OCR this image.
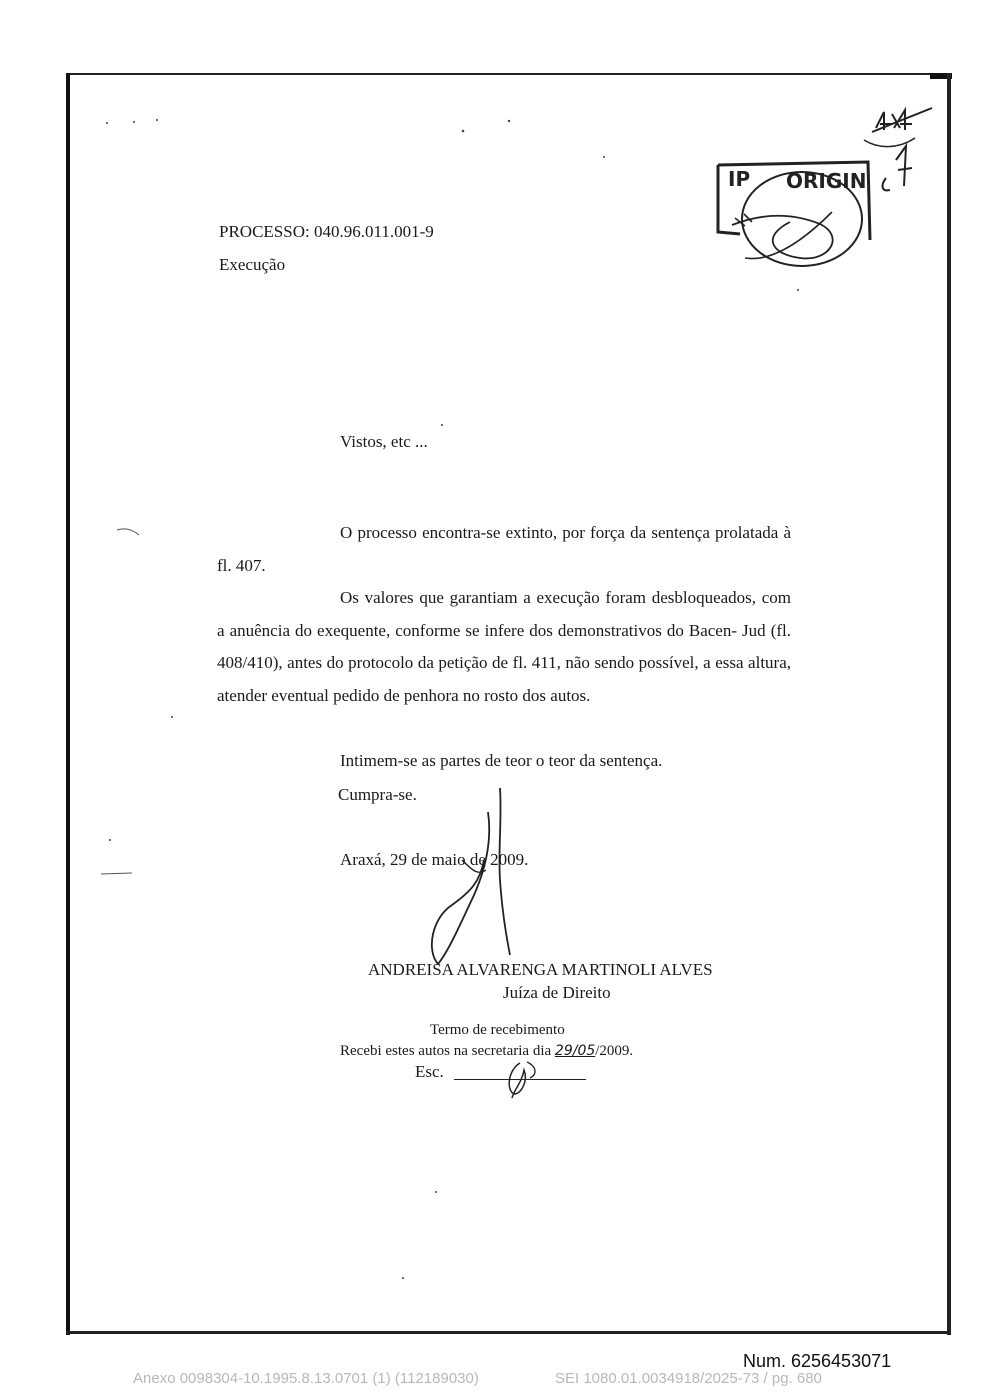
IP ORIGIN
PROCESSO: 040.96.011.001-9
Execução
Vistos, etc ...
O processo encontra-se extinto, por força da sentença prolatada à fl. 407.
Os valores que garantiam a execução foram desbloqueados, com a anuência do exequente, conforme se infere dos demonstrativos do Bacen- Jud (fl. 408/410), antes do protocolo da petição de fl. 411, não sendo possível, a essa altura, atender eventual pedido de penhora no rosto dos autos.
Intimem-se as partes de teor o teor da sentença.
Cumpra-se.
Araxá, 29 de maio de 2009.
ANDREISA ALVARENGA MARTINOLI ALVES
Juíza de Direito
Termo de recebimento
Recebi estes autos na secretaria dia 29/05/2009.
Esc.
Num. 6256453071
Anexo 0098304-10.1995.8.13.0701 (1) (112189030)	SEI 1080.01.0034918/2025-73 / pg. 680
